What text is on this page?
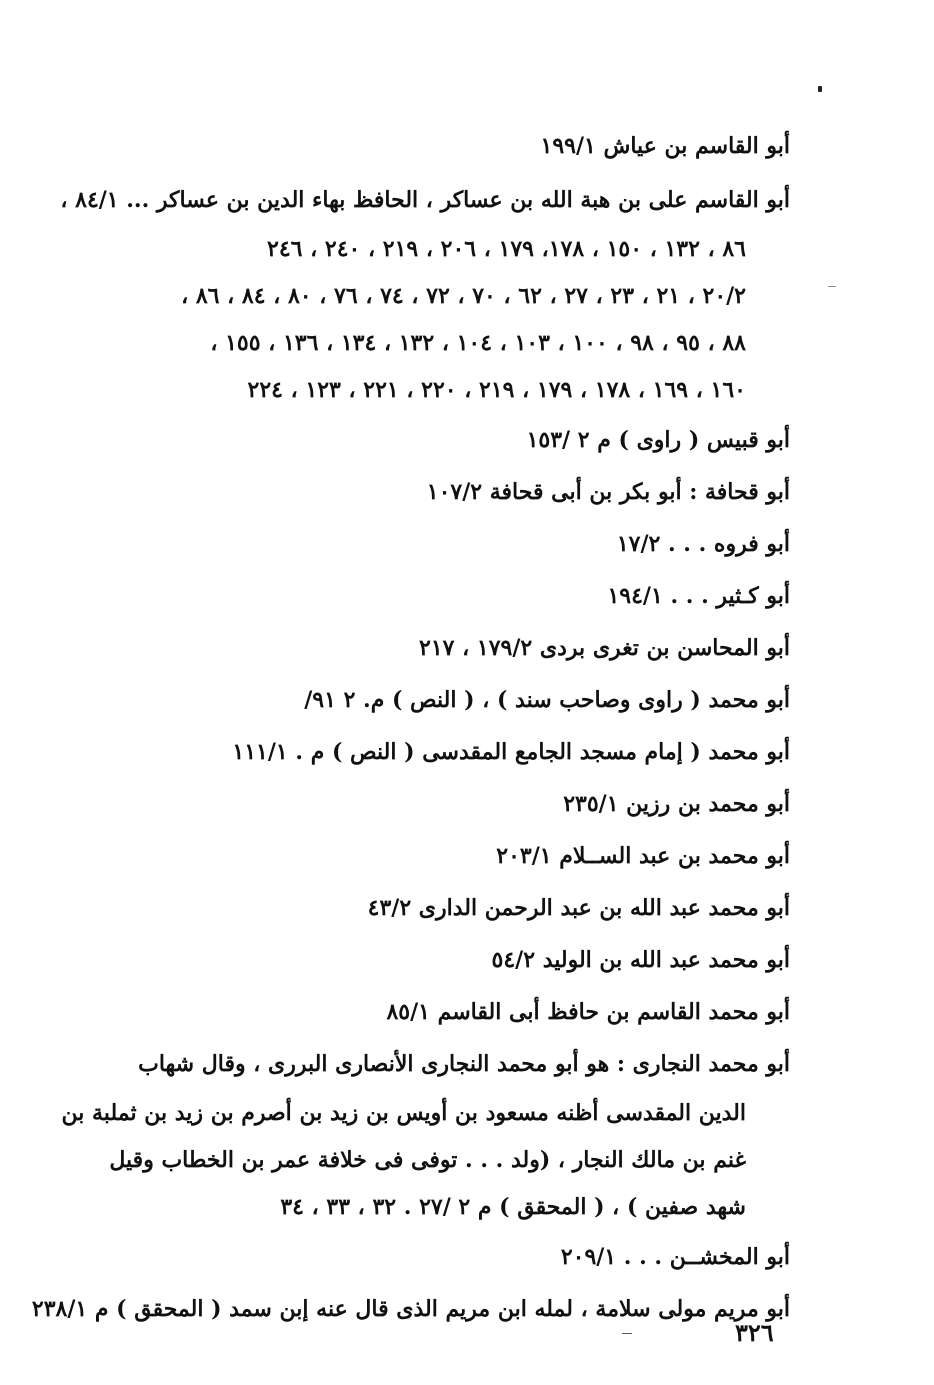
أبو القاسم بن عياش ١٩٩/١
أبو القاسم على بن هبة الله بن عساكر ، الحافظ بهاء الدين بن عساكر ... ٨٤/١ ،
٨٦ ، ١٣٢ ، ١٥٠ ، ١٧٨، ١٧٩ ، ٢٠٦ ، ٢١٩ ، ٢٤٠ ، ٢٤٦
٢٠/٢ ، ٢١ ، ٢٣ ، ٢٧ ، ٦٢ ، ٧٠ ، ٧٢ ، ٧٤ ، ٧٦ ، ٨٠ ، ٨٤ ، ٨٦ ،
٨٨ ، ٩٥ ، ٩٨ ، ١٠٠ ، ١٠٣ ، ١٠٤ ، ١٣٢ ، ١٣٤ ، ١٣٦ ، ١٥٥ ،
١٦٠ ، ١٦٩ ، ١٧٨ ، ١٧٩ ، ٢١٩ ، ٢٢٠ ، ٢٢١ ، ١٢٣ ، ٢٢٤
أبو قبيس ( راوى ) م ٢ /١٥٣
أبو قحافة : أبو بكر بن أبى قحافة ١٠٧/٢
أبو فروه . . . ١٧/٢
أبو كـثير . . . ١٩٤/١
أبو المحاسن بن تغرى بردى ١٧٩/٢ ، ٢١٧
أبو محمد ( راوى وصاحب سند ) ، ( النص ) م. ٢ ٩١/
أبو محمد ( إمام مسجد الجامع المقدسى ( النص ) م . ١١١/١
أبو محمد بن رزين ٢٣٥/١
أبو محمد بن عبد الســلام ٢٠٣/١
أبو محمد عبد الله بن عبد الرحمن الدارى ٤٣/٢
أبو محمد عبد الله بن الوليد ٥٤/٢
أبو محمد القاسم بن حافظ أبى القاسم ٨٥/١
أبو محمد النجارى : هو أبو محمد النجارى الأنصارى البررى ، وقال شهاب
الدين المقدسى أظنه مسعود بن أويس بن زيد بن أصرم بن زيد بن ثملبة بن
غنم بن مالك النجار ، (ولد . . . توفى فى خلافة عمر بن الخطاب وقيل
شهد صفين ) ، ( المحقق ) م ٢ /٢٧ . ٣٢ ، ٣٣ ، ٣٤
أبو المخشــن . . . ٢٠٩/١
أبو مريم مولى سلامة ، لمله ابن مريم الذى قال عنه إبن سمد ( المحقق ) م ٢٣٨/١
٣٢٦
